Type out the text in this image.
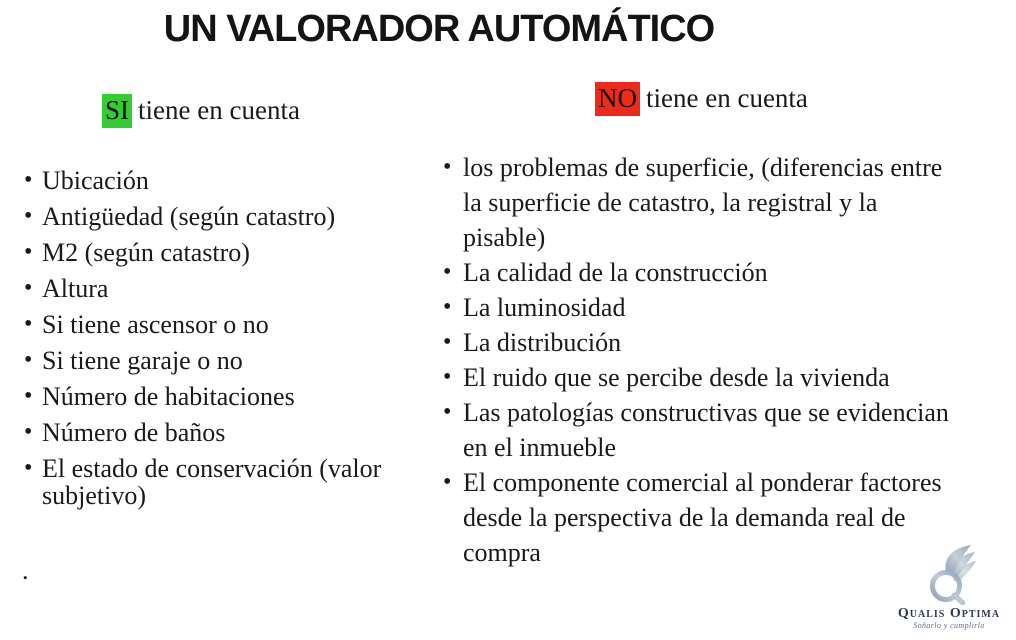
UN VALORADOR AUTOMÁTICO
SI tiene en cuenta	NO tiene en cuenta
• Ubicación
• Antigüedad (según catastro)
• M2 (según catastro)
• Altura
• Si tiene ascensor o no
• Si tiene garaje o no
• Número de habitaciones
• Número de baños
• El estado de conservación (valor subjetivo)
• los problemas de superficie, (diferencias entre la superficie de catastro, la registral y la pisable)
• La calidad de la construcción
• La luminosidad
• La distribución
• El ruido que se percibe desde la vivienda
• Las patologías constructivas que se evidencian en el inmueble
• El componente comercial al ponderar factores desde la perspectiva de la demanda real de compra
.
Qualis Optima
Soñarlo y cumplirlo
